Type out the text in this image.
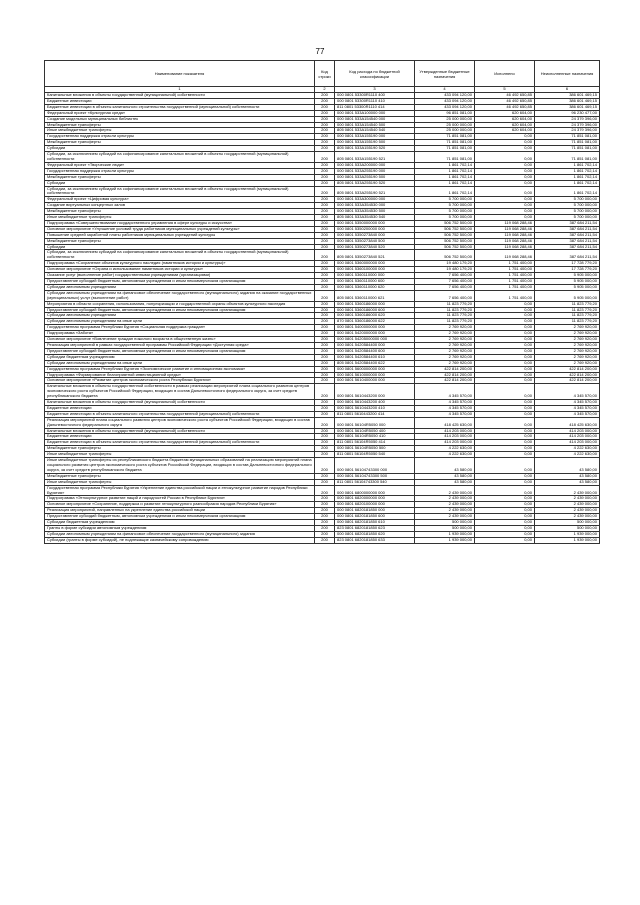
77
Наименование показателя	Код строки	Код расхода по бюджетной классификации	Утвержденные бюджетные назначения	Исполнено	Неисполненные назначения
1	2	3	4	5	6
Капитальные вложения в объекты государственной (муниципальной) собственности	200	000 0801 53300R1110 400	433 094 120,00	46 492 650,85	386 601 469,15
Бюджетные инвестиции	200	000 0801 53300R1110 410	433 094 120,00	46 492 650,85	386 601 469,15
Бюджетные инвестиции в объекты капитального строительства государственной (муниципальной) собственности	200	811 0801 53300R1110 414	433 094 120,00	46 492 650,85	386 601 469,15
Федеральный проект «Культурная среда»	200	000 0801 533A100000 000	96 851 081,00	620 604,00	96 230 477,00
Создание модельных муниципальных библиотек	200	000 0801 533A154540 000	25 000 000,00	620 604,00	24 379 396,00
Межбюджетные трансферты	200	000 0801 533A154540 500	25 000 000,00	620 604,00	24 379 396,00
Иные межбюджетные трансферты	200	805 0801 533A154540 540	25 000 000,00	620 604,00	24 379 396,00
Государственная поддержка отрасли культуры	200	000 0801 533A155190 000	71 851 081,00	0,00	71 851 081,00
Межбюджетные трансферты	200	000 0801 533A155190 500	71 851 081,00	0,00	71 851 081,00
Субсидии	200	805 0801 533A155190 520	71 851 081,00	0,00	71 851 081,00
Субсидии, за исключением субсидий на софинансирование капитальных вложений в объекты государственной (муниципальной) собственности	200	805 0801 533A155190 521	71 851 081,00	0,00	71 851 081,00
Федеральный проект «Творческие люди»	200	000 0801 533A200000 000	1 861 702,14	0,00	1 861 702,14
Государственная поддержка отрасли культуры	200	000 0801 533A255190 000	1 861 702,14	0,00	1 861 702,14
Межбюджетные трансферты	200	000 0801 533A255190 500	1 861 702,14	0,00	1 861 702,14
Субсидии	200	805 0801 533A255190 520	1 861 702,14	0,00	1 861 702,14
Субсидии, за исключением субсидий на софинансирование капитальных вложений в объекты государственной (муниципальной) собственности	200	805 0801 533A255190 521	1 861 702,14	0,00	1 861 702,14
Федеральный проект «Цифровая культура»	200	000 0801 533A300000 000	5 700 000,00	0,00	5 700 000,00
Создание виртуальных концертных залов	200	000 0801 533A354530 000	5 700 000,00	0,00	5 700 000,00
Межбюджетные трансферты	200	000 0801 533A354530 500	5 700 000,00	0,00	5 700 000,00
Иные межбюджетные трансферты	200	805 0801 533A354530 540	5 700 000,00	0,00	5 700 000,00
Подпрограмма «Совершенствование государственного управления в сфере культуры и искусства»	200	000 0801 5350000000 000	506 752 500,00	119 068 288,46	387 684 211,54
Основное мероприятие «Улучшение условий труда работников муниципальных учреждений культуры»	200	000 0801 5350200000 000	506 752 500,00	119 068 288,46	387 684 211,54
Повышение средней заработной платы работников муниципальных учреждений культуры	200	000 0801 5350273840 000	506 752 500,00	119 068 288,46	387 684 211,54
Межбюджетные трансферты	200	000 0801 5350273840 500	506 752 500,00	119 068 288,46	387 684 211,54
Субсидии	200	000 0801 5350273840 520	506 752 500,00	119 068 288,46	387 684 211,54
Субсидии, за исключением субсидий на софинансирование капитальных вложений в объекты государственной (муниципальной) собственности	200	805 0801 5350273840 521	506 752 500,00	119 068 288,46	387 684 211,54
Подпрограмма «Сохранение объектов культурного наследия (памятников истории и культуры)»	200	000 0801 5360000000 000	19 480 179,20	1 751 400,00	17 728 779,20
Основное мероприятие «Охрана и использование памятников истории и культуры»	200	000 0801 5360100000 000	19 480 179,20	1 751 400,00	17 728 779,20
Оказание услуг (выполнение работ) государственными учреждениями (организациями)	200	000 0801 5360110000 000	7 656 400,00	1 751 400,00	5 905 000,00
Предоставление субсидий бюджетным, автономным учреждениям и иным некоммерческим организациям	200	000 0801 5360110000 600	7 656 400,00	1 751 400,00	5 905 000,00
Субсидии автономным учреждениям	200	000 0801 5360110000 620	7 656 400,00	1 751 400,00	5 905 000,00
Субсидии автономным учреждениям на финансовое обеспечение государственного (муниципального) задания на оказание государственных (муниципальных) услуг (выполнение работ)	200	805 0801 5360110000 621	7 656 400,00	1 751 400,00	5 905 000,00
Мероприятия в области сохранения, использования, популяризации и государственной охраны объектов культурного наследия	200	000 0801 5360186000 000	11 823 779,20	0,00	11 823 779,20
Предоставление субсидий бюджетным, автономным учреждениям и иным некоммерческим организациям	200	000 0801 5360186000 600	11 823 779,20	0,00	11 823 779,20
Субсидии автономным учреждениям	200	000 0801 5360186000 620	11 823 779,20	0,00	11 823 779,20
Субсидии автономным учреждениям на иные цели	200	870 0801 5360186000 622	11 823 779,20	0,00	11 823 779,20
Государственная программа Республики Бурятия «Социальная поддержка граждан»	200	000 0801 5400000000 000	2 769 920,00	0,00	2 769 920,00
Подпрограмма «Забота»	200	000 0801 5420000000 000	2 769 920,00	0,00	2 769 920,00
Основное мероприятие «Вовлечение граждан пожилого возраста в общественную жизнь»	200	000 0801 54205000000 000	2 769 920,00	0,00	2 769 920,00
Реализация мероприятий в рамках государственной программы Российской Федерации «Доступная среда»	200	000 0801 5420584400 000	2 769 920,00	0,00	2 769 920,00
Предоставление субсидий бюджетным, автономным учреждениям и иным некоммерческим организациям	200	000 0801 5420584400 600	2 769 920,00	0,00	2 769 920,00
Субсидии бюджетным учреждениям	200	000 0801 5420584400 610	2 769 920,00	0,00	2 769 920,00
Субсидии автономным учреждениям на иные цели	200	805 0801 5420584400 622	2 769 920,00	0,00	2 769 920,00
Государственная программа Республики Бурятия «Экономическое развитие и инновационная экономика»	200	000 0801 5600000000 000	422 814 200,00	0,00	422 814 200,00
Подпрограмма «Формирование благоприятной инвестиционной среды»	200	000 0801 5610000000 000	422 814 200,00	0,00	422 814 200,00
Основное мероприятие «Развитие центров экономического роста Республики Бурятия»	200	000 0801 5610400000 000	422 814 200,00	0,00	422 814 200,00
Капитальные вложения в объекты государственной собственности в рамках реализации мероприятий плана социального развития центров экономического роста субъектов Российской Федерации, входящих в состав Дальневосточного федерального округа, за счет средств республиканского бюджета	200	000 0801 5610443200 000	4 345 570,00	0,00	4 345 570,00
Капитальные вложения в объекты государственной (муниципальной) собственности	200	000 0801 5610443200 400	4 345 570,00	0,00	4 345 570,00
Бюджетные инвестиции	200	000 0801 5610443200 410	4 345 570,00	0,00	4 345 570,00
Бюджетные инвестиции в объекты капитального строительства государственной (муниципальной) собственности	200	811 0801 5610443200 414	4 345 570,00	0,00	4 345 570,00
Реализация мероприятий плана социального развития центров экономического роста субъектов Российской Федерации, входящих в состав Дальневосточного федерального округа	200	000 0801 56104R5050 000	418 425 630,00	0,00	418 425 630,00
Капитальные вложения в объекты государственной (муниципальной) собственности	200	000 0801 56104R5050 400	414 203 000,00	0,00	414 203 000,00
Бюджетные инвестиции	200	000 0801 56104R5050 410	414 203 000,00	0,00	414 203 000,00
Бюджетные инвестиции в объекты капитального строительства государственной (муниципальной) собственности	200	811 0801 56104R5050 414	414 203 000,00	0,00	414 203 000,00
Межбюджетные трансферты	200	000 0801 56104R5050 500	4 222 630,00	0,00	4 222 630,00
Иные межбюджетные трансферты	200	811 0801 56104R5050 540	4 222 630,00	0,00	4 222 630,00
Иные межбюджетные трансферты из республиканского бюджета бюджетам муниципальных образований на реализацию мероприятий плана социального развития центров экономического роста субъектов Российской Федерации, входящих в состав Дальневосточного федерального округа, за счет средств республиканского бюджета	200	000 0801 56104743300 000	43 580,00	0,00	43 580,00
Межбюджетные трансферты	200	000 0801 56104743300 500	43 580,00	0,00	43 580,00
Иные межбюджетные трансферты	200	811 0801 56104743300 540	43 580,00	0,00	43 580,00
Государственная программа Республики Бурятия «Укрепление единства российской нации и этнокультурное развитие народов Республики Бурятия»	200	000 0801 6800000000 000	2 439 000,00	0,00	2 439 000,00
Подпрограмма «Этнокультурное развитие наций и народностей России в Республике Бурятия»	200	000 0801 6820000000 000	2 439 000,00	0,00	2 439 000,00
Основное мероприятие «Сохранение, поддержка и развитие этнокультурного разнообразия народов Республики Бурятия»	200	000 0801 6820100000 000	2 439 000,00	0,00	2 439 000,00
Реализация мероприятий, направленных на укрепление единства российской нации	200	000 0801 6820181850 000	2 439 000,00	0,00	2 439 000,00
Предоставление субсидий бюджетным, автономным учреждениям и иным некоммерческим организациям	200	000 0801 6820181850 600	2 439 000,00	0,00	2 439 000,00
Субсидии бюджетным учреждениям	200	000 0801 6820181850 610	500 000,00	0,00	500 000,00
Гранты в форме субсидии автономным учреждениям	200	823 0801 6820181850 623	500 000,00	0,00	500 000,00
Субсидии автономным учреждениям на финансовое обеспечение государственного (муниципального) задания	200	000 0801 6820181850 620	1 939 000,00	0,00	1 939 000,00
Субсидии (гранты в форме субсидий), не подлежащие казначейскому сопровождению	200	823 0801 6820181850 633	1 939 000,00	0,00	1 939 000,00
